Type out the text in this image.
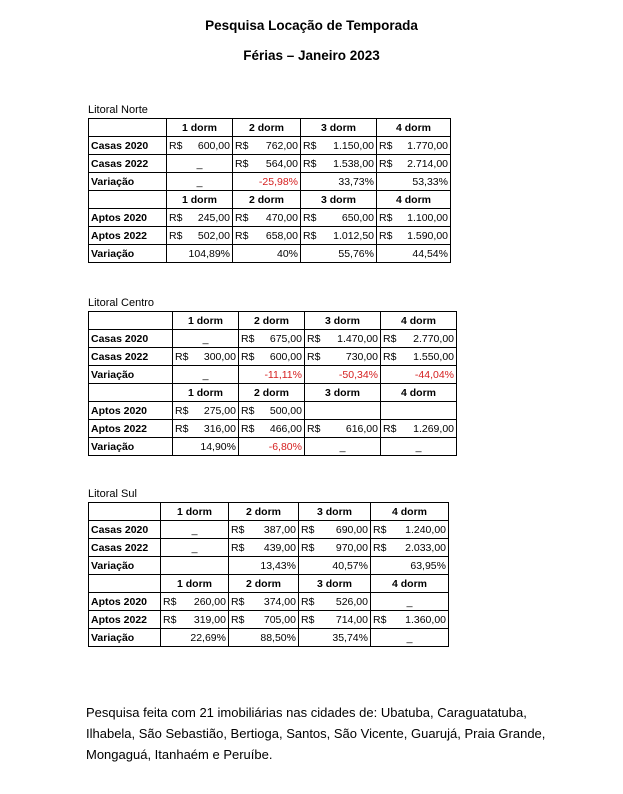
Pesquisa Locação de Temporada
Férias – Janeiro 2023
Litoral Norte
	1 dorm	2 dorm	3 dorm	4 dorm
Casas 2020	R$ 600,00	R$ 762,00	R$ 1.150,00	R$ 1.770,00

Casas 2022	_	R$ 564,00	R$ 1.538,00	R$ 2.714,00

Variação	_	-25,98%	33,73%	53,33%
	1 dorm	2 dorm	3 dorm	4 dorm
Aptos 2020	R$ 245,00	R$ 470,00	R$ 650,00	R$ 1.100,00

Aptos 2022	R$ 502,00	R$ 658,00	R$ 1.012,50	R$ 1.590,00

Variação	104,89%	40%	55,76%	44,54%
Litoral Centro
	1 dorm	2 dorm	3 dorm	4 dorm
Casas 2020	_	R$ 675,00	R$ 1.470,00	R$ 2.770,00

Casas 2022	R$ 300,00	R$ 600,00	R$ 730,00	R$ 1.550,00

Variação	_	-11,11%	-50,34%	-44,04%
	1 dorm	2 dorm	3 dorm	4 dorm
Aptos 2020	R$ 275,00	R$ 500,00		

Aptos 2022	R$ 316,00	R$ 466,00	R$ 616,00	R$ 1.269,00

Variação	14,90%	-6,80%	_	_
Litoral Sul
	1 dorm	2 dorm	3 dorm	4 dorm
Casas 2020	_	R$ 387,00	R$ 690,00	R$ 1.240,00

Casas 2022	_	R$ 439,00	R$ 970,00	R$ 2.033,00

Variação		13,43%	40,57%	63,95%
	1 dorm	2 dorm	3 dorm	4 dorm
Aptos 2020	R$ 260,00	R$ 374,00	R$ 526,00	_
Aptos 2022	R$ 319,00	R$ 705,00	R$ 714,00	R$ 1.360,00

Variação	22,69%	88,50%	35,74%	_
Pesquisa feita com 21 imobiliárias nas cidades de: Ubatuba, Caraguatatuba, Ilhabela, São Sebastião, Bertioga, Santos, São Vicente, Guarujá, Praia Grande, Mongaguá, Itanhaém e Peruíbe.
